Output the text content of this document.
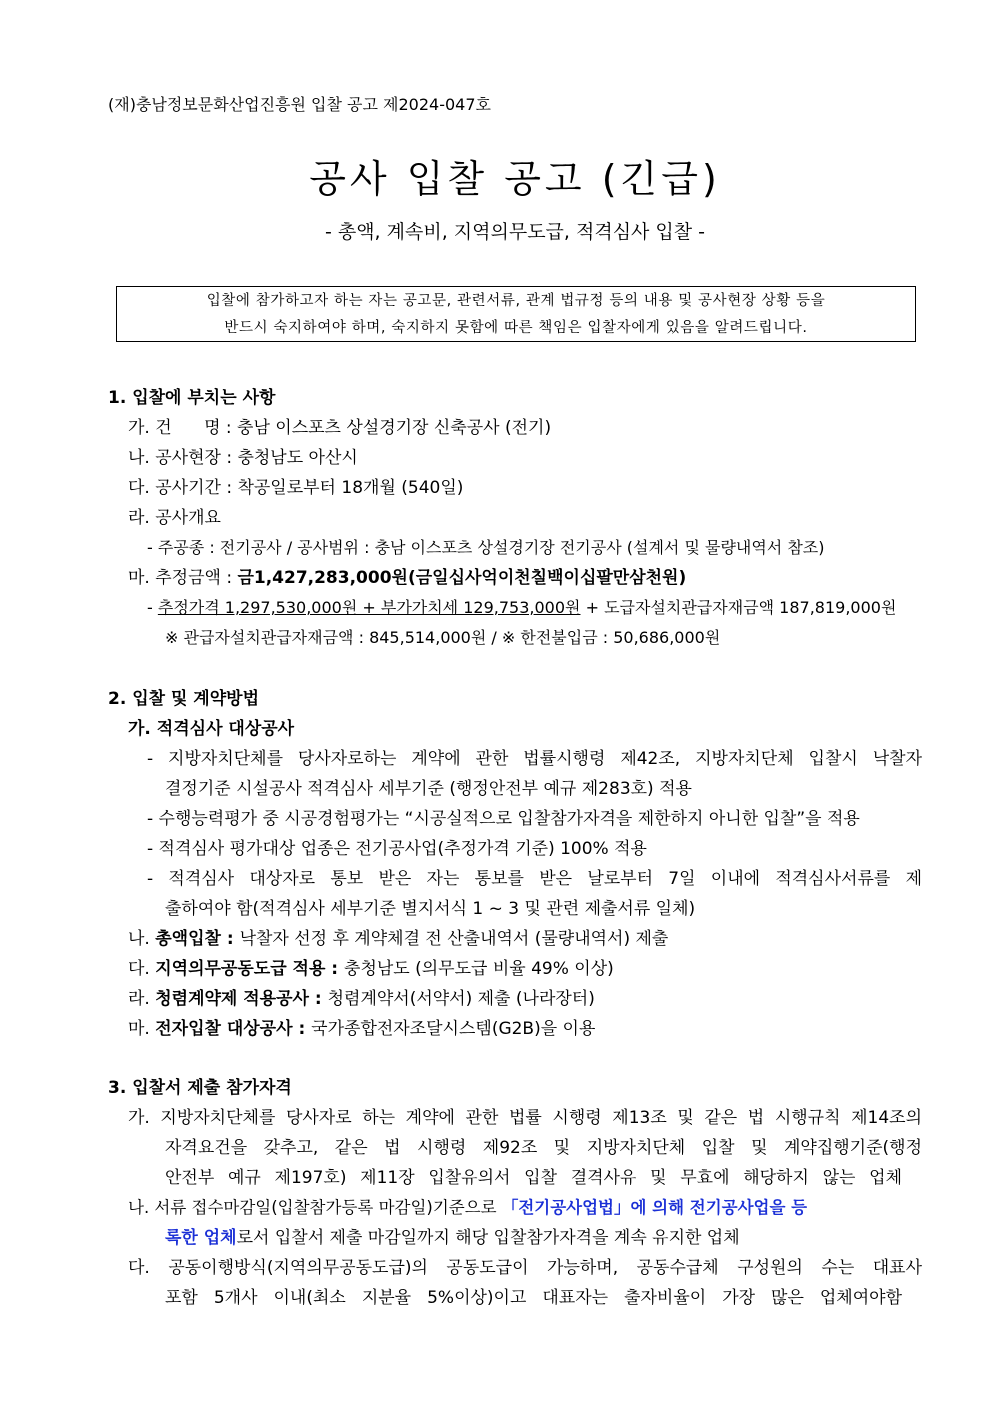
(재)충남정보문화산업진흥원 입찰 공고 제2024-047호
공사 입찰 공고 (긴급)
- 총액, 계속비, 지역의무도급, 적격심사 입찰 -
입찰에 참가하고자 하는 자는 공고문, 관련서류, 관계 법규정 등의 내용 및 공사현장 상황 등을
반드시 숙지하여야 하며, 숙지하지 못함에 따른 책임은 입찰자에게 있음을 알려드립니다.
1. 입찰에 부치는 사항
가. 건      명 : 충남 이스포츠 상설경기장 신축공사 (전기)
나. 공사현장 : 충청남도 아산시
다. 공사기간 : 착공일로부터 18개월 (540일)
라. 공사개요
- 주공종 : 전기공사 / 공사범위 : 충남 이스포츠 상설경기장 전기공사 (설계서 및 물량내역서 참조)
마. 추정금액 : 금1,427,283,000원(금일십사억이천칠백이십팔만삼천원)
- 추정가격 1,297,530,000원 + 부가가치세 129,753,000원 + 도급자설치관급자재금액 187,819,000원
※ 관급자설치관급자재금액 : 845,514,000원 / ※ 한전불입금 : 50,686,000원
2. 입찰 및 계약방법
가. 적격심사 대상공사
- 지방자치단체를 당사자로하는 계약에 관한 법률시행령 제42조, 지방자치단체 입찰시 낙찰자
결정기준 시설공사 적격심사 세부기준 (행정안전부 예규 제283호) 적용
- 수행능력평가 중 시공경험평가는 “시공실적으로 입찰참가자격을 제한하지 아니한 입찰”을 적용
- 적격심사 평가대상 업종은 전기공사업(추정가격 기준) 100% 적용
- 적격심사 대상자로 통보 받은 자는 통보를 받은 날로부터 7일 이내에 적격심사서류를 제
출하여야 함(적격심사 세부기준 별지서식 1 ~ 3 및 관련 제출서류 일체)
나. 총액입찰 : 낙찰자 선정 후 계약체결 전 산출내역서 (물량내역서) 제출
다. 지역의무공동도급 적용 : 충청남도 (의무도급 비율 49% 이상)
라. 청렴계약제 적용공사 : 청렴계약서(서약서) 제출 (나라장터)
마. 전자입찰 대상공사 : 국가종합전자조달시스템(G2B)을 이용
3. 입찰서 제출 참가자격
가. 지방자치단체를 당사자로 하는 계약에 관한 법률 시행령 제13조 및 같은 법 시행규칙 제14조의
자격요건을 갖추고, 같은 법 시행령 제92조 및 지방자치단체 입찰 및 계약집행기준(행정
안전부 예규 제197호) 제11장 입찰유의서 입찰 결격사유 및 무효에 해당하지 않는 업체
나. 서류 접수마감일(입찰참가등록 마감일)기준으로 「전기공사업법」에 의해 전기공사업을 등
록한 업체로서 입찰서 제출 마감일까지 해당 입찰참가자격을 계속 유지한 업체
다. 공동이행방식(지역의무공동도급)의 공동도급이 가능하며, 공동수급체 구성원의 수는 대표사
포함 5개사 이내(최소 지분율 5%이상)이고 대표자는 출자비율이 가장 많은 업체여야함
